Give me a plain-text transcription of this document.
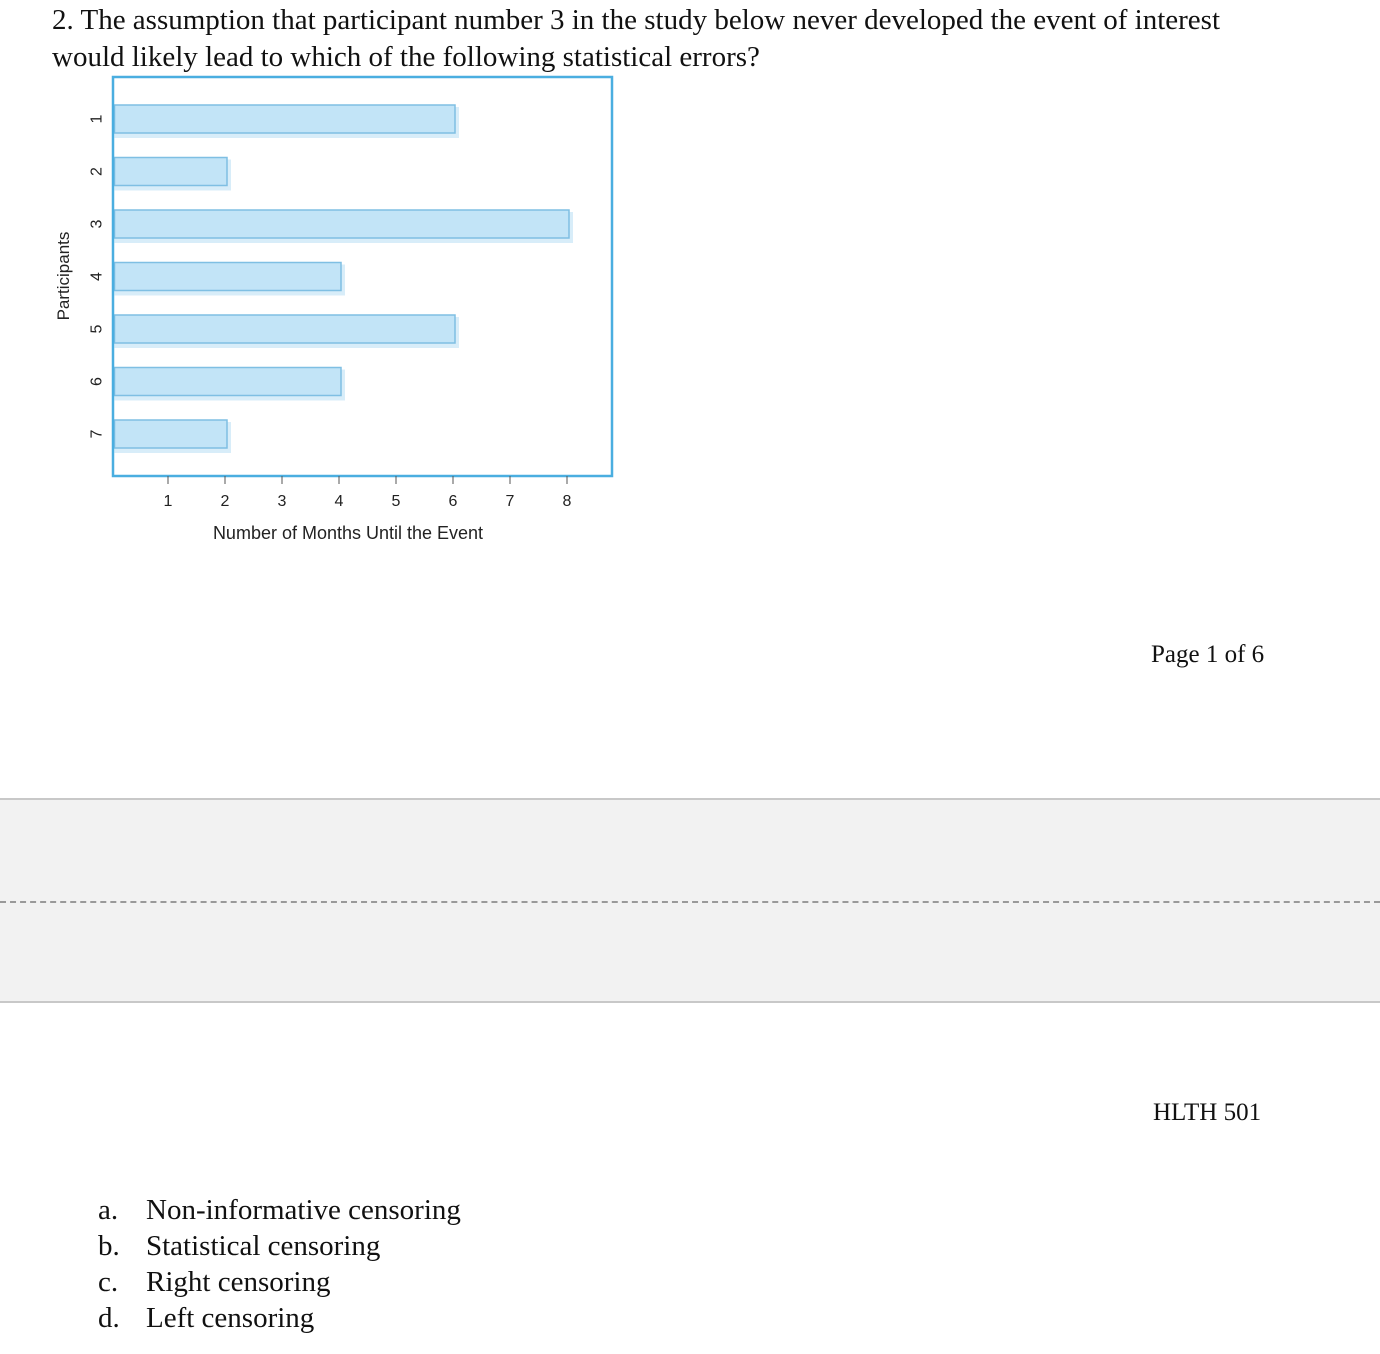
2. The assumption that participant number 3 in the study below never developed the event of interest would likely lead to which of the following statistical errors?
1
2
3
4
5
6
7
1	2	3	4	5	6	7	8
Number of Months Until the Event
Participants
Page 1 of 6
HLTH 501
a. Non-informative censoring
b. Statistical censoring
c. Right censoring
d. Left censoring
